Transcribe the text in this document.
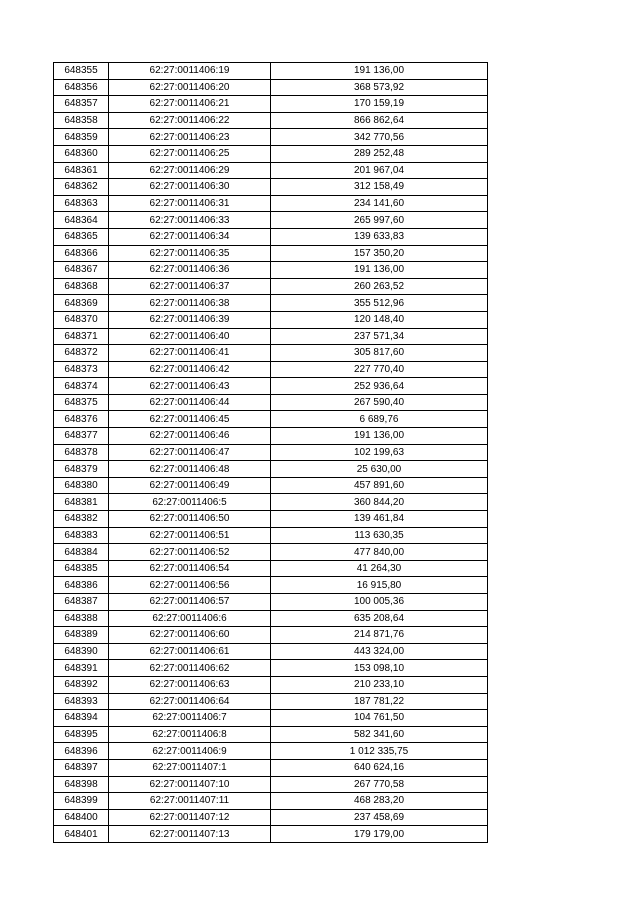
648355	62:27:0011406:19	191 136,00
648356	62:27:0011406:20	368 573,92
648357	62:27:0011406:21	170 159,19
648358	62:27:0011406:22	866 862,64
648359	62:27:0011406:23	342 770,56
648360	62:27:0011406:25	289 252,48
648361	62:27:0011406:29	201 967,04
648362	62:27:0011406:30	312 158,49
648363	62:27:0011406:31	234 141,60
648364	62:27:0011406:33	265 997,60
648365	62:27:0011406:34	139 633,83
648366	62:27:0011406:35	157 350,20
648367	62:27:0011406:36	191 136,00
648368	62:27:0011406:37	260 263,52
648369	62:27:0011406:38	355 512,96
648370	62:27:0011406:39	120 148,40
648371	62:27:0011406:40	237 571,34
648372	62:27:0011406:41	305 817,60
648373	62:27:0011406:42	227 770,40
648374	62:27:0011406:43	252 936,64
648375	62:27:0011406:44	267 590,40
648376	62:27:0011406:45	6 689,76
648377	62:27:0011406:46	191 136,00
648378	62:27:0011406:47	102 199,63
648379	62:27:0011406:48	25 630,00
648380	62:27:0011406:49	457 891,60
648381	62:27:0011406:5	360 844,20
648382	62:27:0011406:50	139 461,84
648383	62:27:0011406:51	113 630,35
648384	62:27:0011406:52	477 840,00
648385	62:27:0011406:54	41 264,30
648386	62:27:0011406:56	16 915,80
648387	62:27:0011406:57	100 005,36
648388	62:27:0011406:6	635 208,64
648389	62:27:0011406:60	214 871,76
648390	62:27:0011406:61	443 324,00
648391	62:27:0011406:62	153 098,10
648392	62:27:0011406:63	210 233,10
648393	62:27:0011406:64	187 781,22
648394	62:27:0011406:7	104 761,50
648395	62:27:0011406:8	582 341,60
648396	62:27:0011406:9	1 012 335,75
648397	62:27:0011407:1	640 624,16
648398	62:27:0011407:10	267 770,58
648399	62:27:0011407:11	468 283,20
648400	62:27:0011407:12	237 458,69
648401	62:27:0011407:13	179 179,00
